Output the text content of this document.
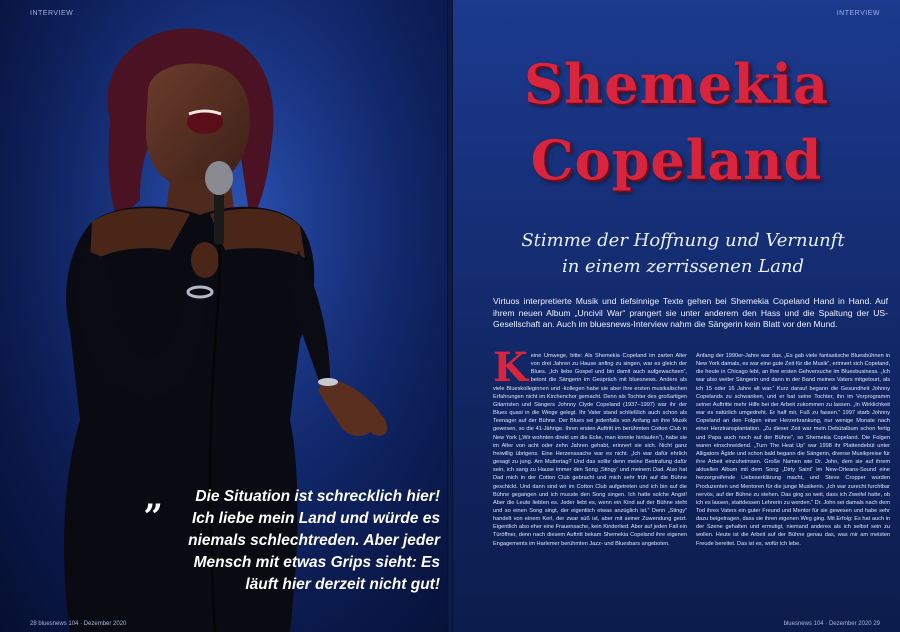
INTERVIEW
„	Die Situation ist schrecklich hier!
Ich liebe mein Land und würde es
niemals schlechtreden. Aber jeder
Mensch mit etwas Grips sieht: Es
läuft hier derzeit nicht gut!
28 bluesnews 104 · Dezember 2020
INTERVIEW
Shemekia
Copeland
Stimme der Hoffnung und Vernunft
in einem zerrissenen Land
Virtuos interpretierte Musik und tiefsinnige Texte gehen bei Shemekia Copeland Hand in Hand. Auf ihrem neuen Album „Uncivil War“ prangert sie unter anderem den Hass und die Spaltung der US-Gesellschaft an. Auch im bluesnews-Interview nahm die Sängerin kein Blatt vor den Mund.
Keine Umwege, bitte: Als Shemekia Copeland im zarten Alter von drei Jahren zu Hause anfing zu singen, war es gleich der Blues. „Ich liebe Gospel und bin damit auch aufgewachsen“, betont die Sängerin im Gespräch mit bluesnews. Anders als viele Blueskolleginnen und -kollegen habe sie aber ihre ersten musikalischen Erfahrungen nicht im Kirchenchor gemacht. Denn als Tochter des großartigen Gitarristen und Sängers Johnny Clyde Copeland (1937–1997) war ihr der Blues quasi in die Wiege gelegt. Ihr Vater stand schließlich auch schon als Teenager auf der Bühne. Der Blues sei jedenfalls von Anfang an ihre Musik gewesen, so die 41-Jährige. Ihren ersten Auftritt im berühmten Cotton Club in New York („Wir wohnten direkt um die Ecke, man konnte hinlaufen“), habe sie im Alter von acht oder zehn Jahren gehabt, erinnert sie sich. Nicht ganz freiwillig übrigens. Eine Herzenssache war es nicht. „Ich war dafür ehrlich gesagt zu jung. Am Muttertag? Und das sollte denn meine Bestrafung dafür sein, ich sang zu Hause immer den Song ‚Stingy‘ und meinem Dad. Also hat Dad mich in der Cotton Club gebracht und mich sehr früh auf die Bühne geschickt. Und dann sind wir im Cotton Club aufgetreten und ich bin auf die Bühne gegangen und ich musste den Song singen. Ich hatte solche Angst! Aber die Leute liebten es. Jeder liebt es, wenn ein Kind auf der Bühne steht und so einen Song singt, der eigentlich etwas anzüglich ist.“ Denn „Stingy“ handelt von einem Kerl, der zwar süß ist, aber mit seiner Zuwendung geizt. Eigentlich also eher eine Frauensache, kein Kinderlied. Aber auf jeden Fall ein Türöffner, denn nach diesem Auftritt bekam Shemekia Copeland ihre eigenen Engagements im Harlemer berühmten Jazz- und Bluesbars angeboten.
Anfang der 1990er-Jahre war das. „Es gab viele fantastische Bluesbühnen in New York damals, es war eine gute Zeit für die Musik“, erinnert sich Copeland, die heute in Chicago lebt, an ihre ersten Gehversuche im Bluesbusiness. „Ich war also weiter Sängerin und dann in der Band meines Vaters mitgetourt, als ich 15 oder 16 Jahre alt war.“ Kurz darauf begann die Gesundheit Johnny Copelands zu schwanken, und er bat seine Tochter, ihn im Vorprogramm seiner Auftritte mehr Hilfe bei der Arbeit zukommen zu lassen. „In Wirklichkeit war es natürlich umgedreht. Er half mir, Fuß zu fassen.“ 1997 starb Johnny Copeland an den Folgen einer Herzerkrankung, nur wenige Monate nach einer Herztransplantation. „Zu dieser Zeit war mein Debütalbum schon fertig und Papa auch noch auf der Bühne“, so Shemekia Copeland. Die Folgen waren einschneidend. „Turn The Heat Up“ war 1998 ihr Plattendebüt unter Alligators Ägide und schon bald begann die Sängerin, diverse Musikpreise für ihre Arbeit einzuheimsen. Große Namen wie Dr. John, dem sie auf ihrem aktuellen Album mit dem Song „Dirty Saint“ im New-Orleans-Sound eine herzergreifende Liebeserklärung macht, und Steve Cropper wurden Produzenten und Mentoren für die junge Musikerin. „Ich war zurecht furchtbar nervös, auf der Bühne zu stehen. Das ging so weit, dass ich Zweifel hatte, ob ich es lassen, stattdessen Lehrerin zu werden.“ Dr. John sei damals nach dem Tod ihres Vaters ein guter Freund und Mentor für sie gewesen und habe sehr dazu beigetragen, dass sie ihren eigenen Weg ging. Mit Erfolg: Es hat auch in der Szene gehalten und ermutigt, niemand anderes als ich selbst sein zu wollen. Heute ist die Arbeit auf der Bühne genau das, was mir am meisten Freude bereitet. Das ist es, wofür ich lebe.
bluesnews 104 · Dezember 2020 29
